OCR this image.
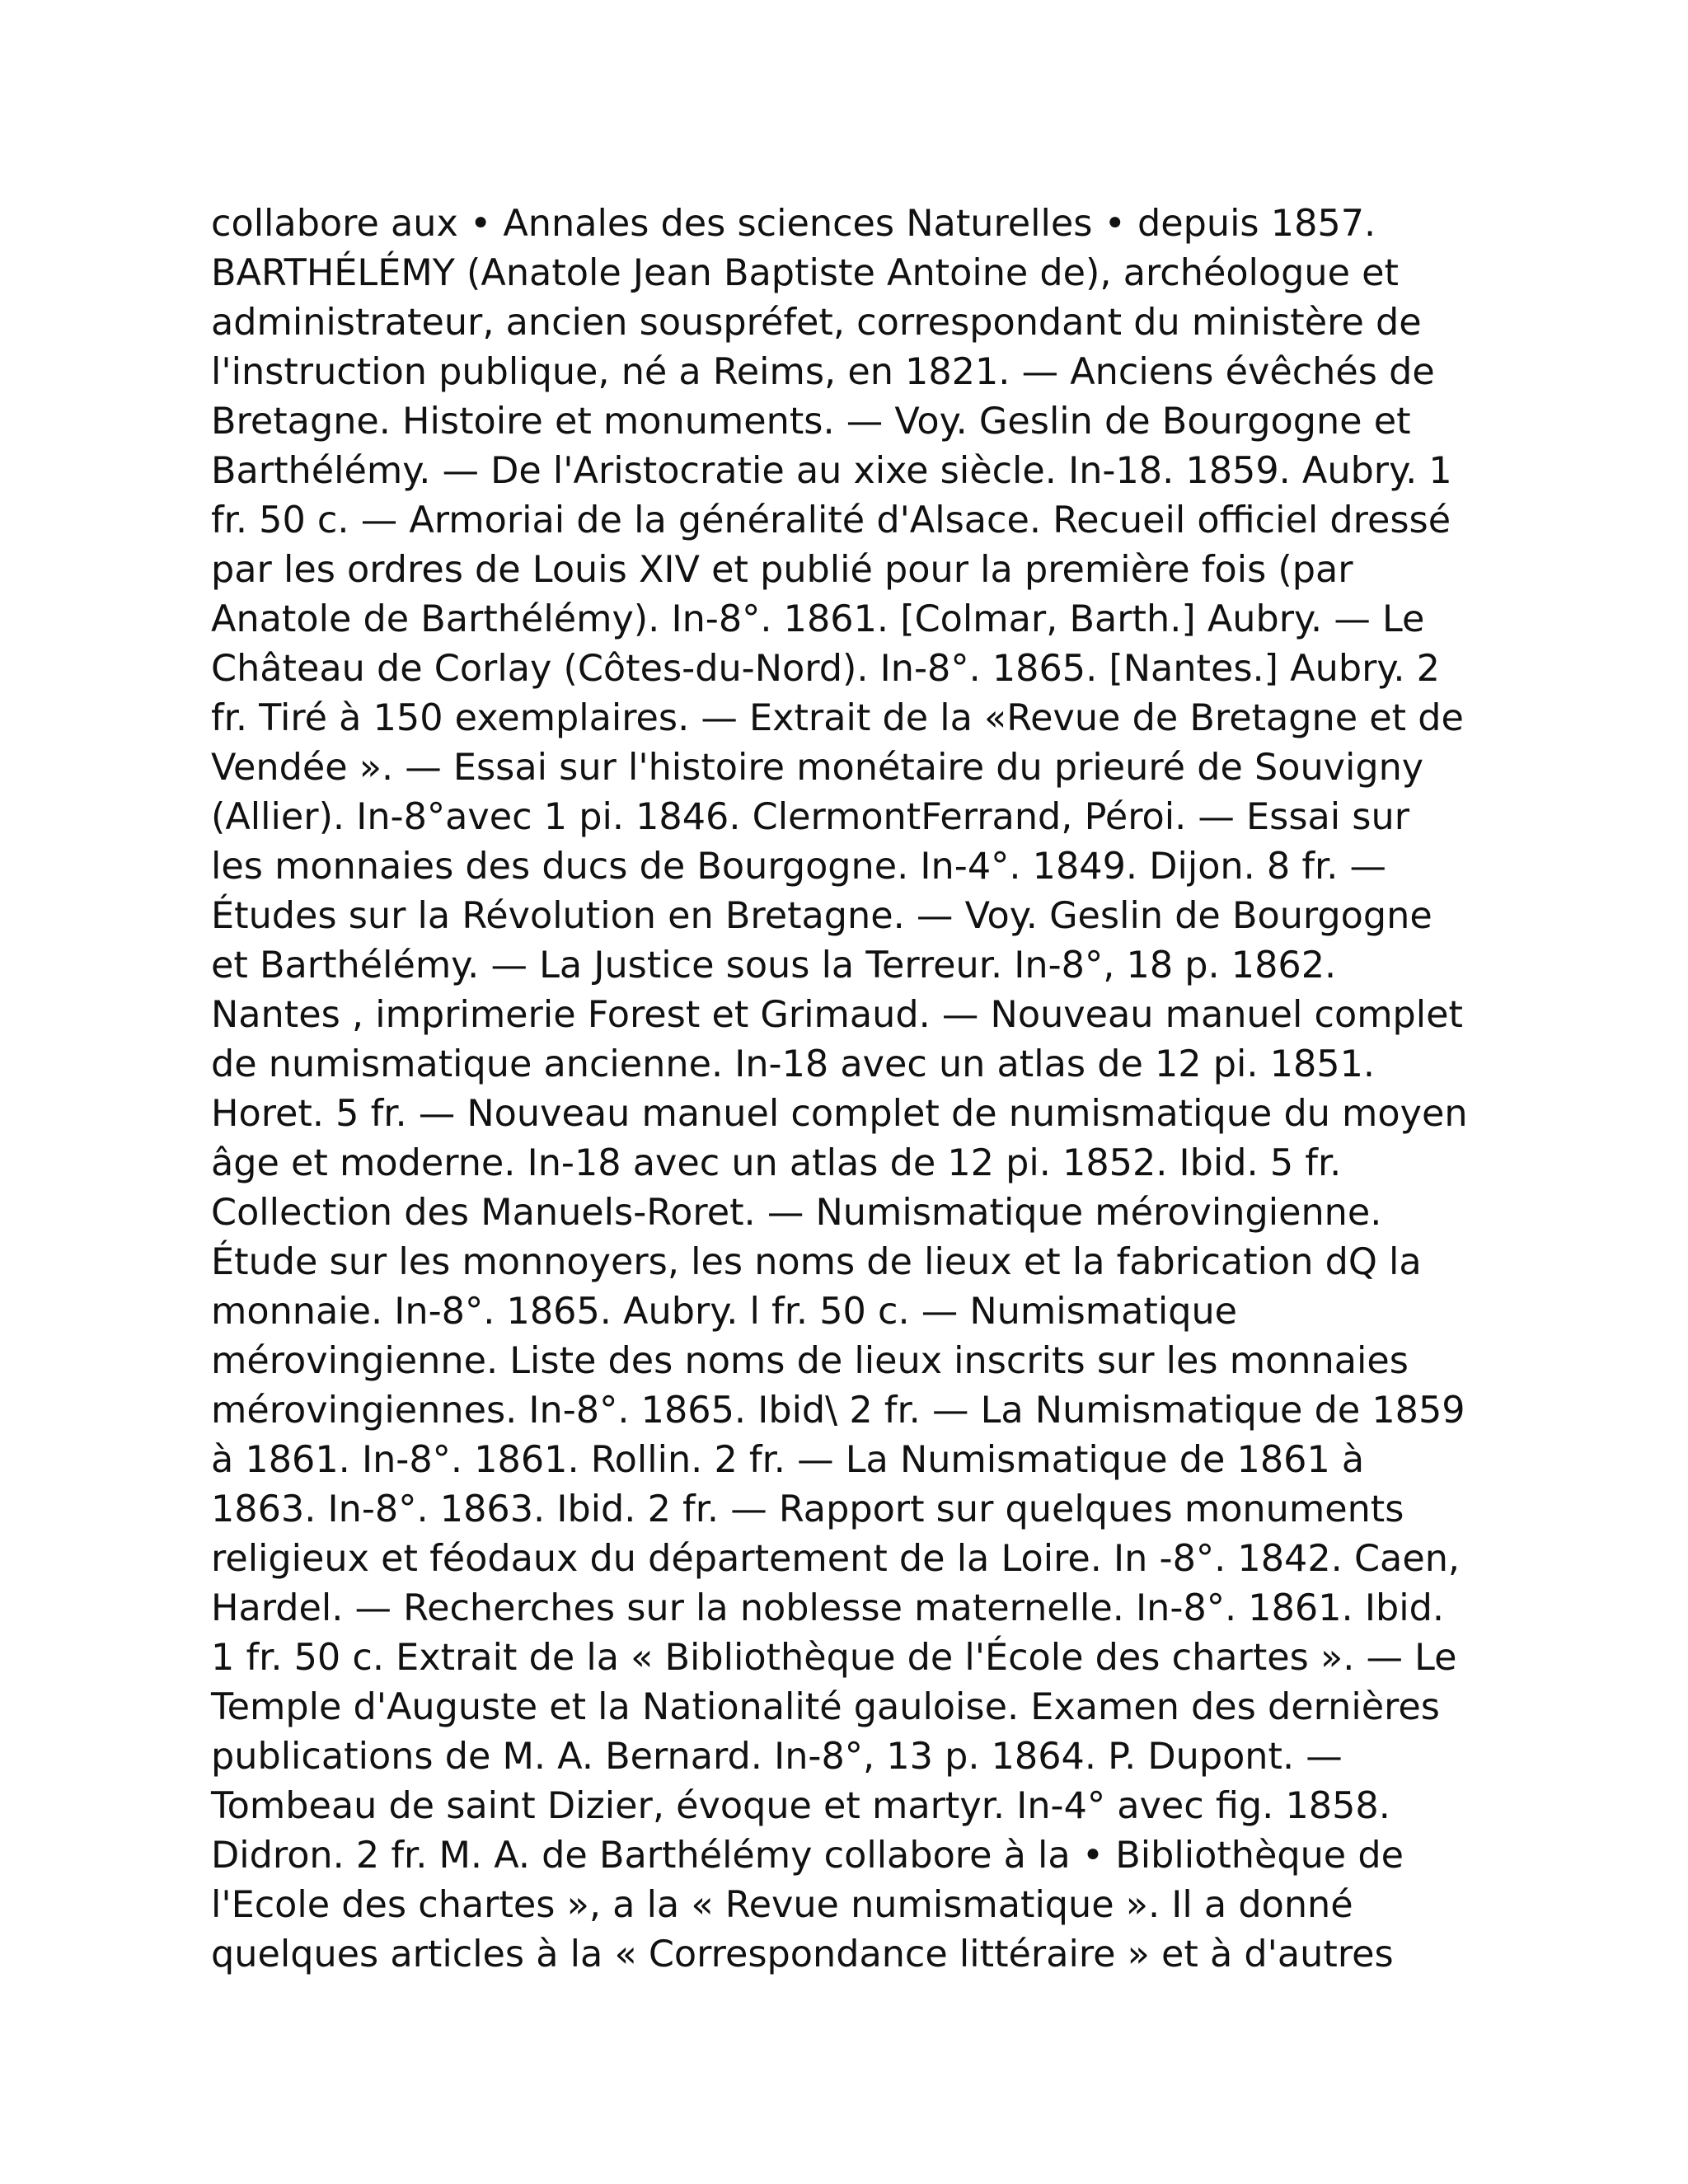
collabore aux • Annales des sciences Naturelles • depuis 1857.
BARTHÉLÉMY (Anatole Jean Baptiste Antoine de), archéologue et
administrateur, ancien souspréfet, correspondant du ministère de
l'instruction publique, né a Reims, en 1821. — Anciens évêchés de
Bretagne. Histoire et monuments. — Voy. Geslin de Bourgogne et
Barthélémy. — De l'Aristocratie au xixe siècle. In-18. 1859. Aubry. 1
fr. 50 c. — Armoriai de la généralité d'Alsace. Recueil officiel dressé
par les ordres de Louis XIV et publié pour la première fois (par
Anatole de Barthélémy). In-8°. 1861. [Colmar, Barth.] Aubry. — Le
Château de Corlay (Côtes-du-Nord). In-8°. 1865. [Nantes.] Aubry. 2
fr. Tiré à 150 exemplaires. — Extrait de la «Revue de Bretagne et de
Vendée ». — Essai sur l'histoire monétaire du prieuré de Souvigny
(Allier). In-8°avec 1 pi. 1846. ClermontFerrand, Péroi. — Essai sur
les monnaies des ducs de Bourgogne. In-4°. 1849. Dijon. 8 fr. —
Études sur la Révolution en Bretagne. — Voy. Geslin de Bourgogne
et Barthélémy. — La Justice sous la Terreur. In-8°, 18 p. 1862.
Nantes , imprimerie Forest et Grimaud. — Nouveau manuel complet
de numismatique ancienne. In-18 avec un atlas de 12 pi. 1851.
Horet. 5 fr. — Nouveau manuel complet de numismatique du moyen
âge et moderne. In-18 avec un atlas de 12 pi. 1852. Ibid. 5 fr.
Collection des Manuels-Roret. — Numismatique mérovingienne.
Étude sur les monnoyers, les noms de lieux et la fabrication dQ la
monnaie. In-8°. 1865. Aubry. l fr. 50 c. — Numismatique
mérovingienne. Liste des noms de lieux inscrits sur les monnaies
mérovingiennes. In-8°. 1865. Ibid\ 2 fr. — La Numismatique de 1859
à 1861. In-8°. 1861. Rollin. 2 fr. — La Numismatique de 1861 à
1863. In-8°. 1863. Ibid. 2 fr. — Rapport sur quelques monuments
religieux et féodaux du département de la Loire. In -8°. 1842. Caen,
Hardel. — Recherches sur la noblesse maternelle. In-8°. 1861. Ibid.
1 fr. 50 c. Extrait de la « Bibliothèque de l'École des chartes ». — Le
Temple d'Auguste et la Nationalité gauloise. Examen des dernières
publications de M. A. Bernard. In-8°, 13 p. 1864. P. Dupont. —
Tombeau de saint Dizier, évoque et martyr. In-4° avec fig. 1858.
Didron. 2 fr. M. A. de Barthélémy collabore à la • Bibliothèque de
l'Ecole des chartes », a la « Revue numismatique ». Il a donné
quelques articles à la « Correspondance littéraire » et à d'autres
